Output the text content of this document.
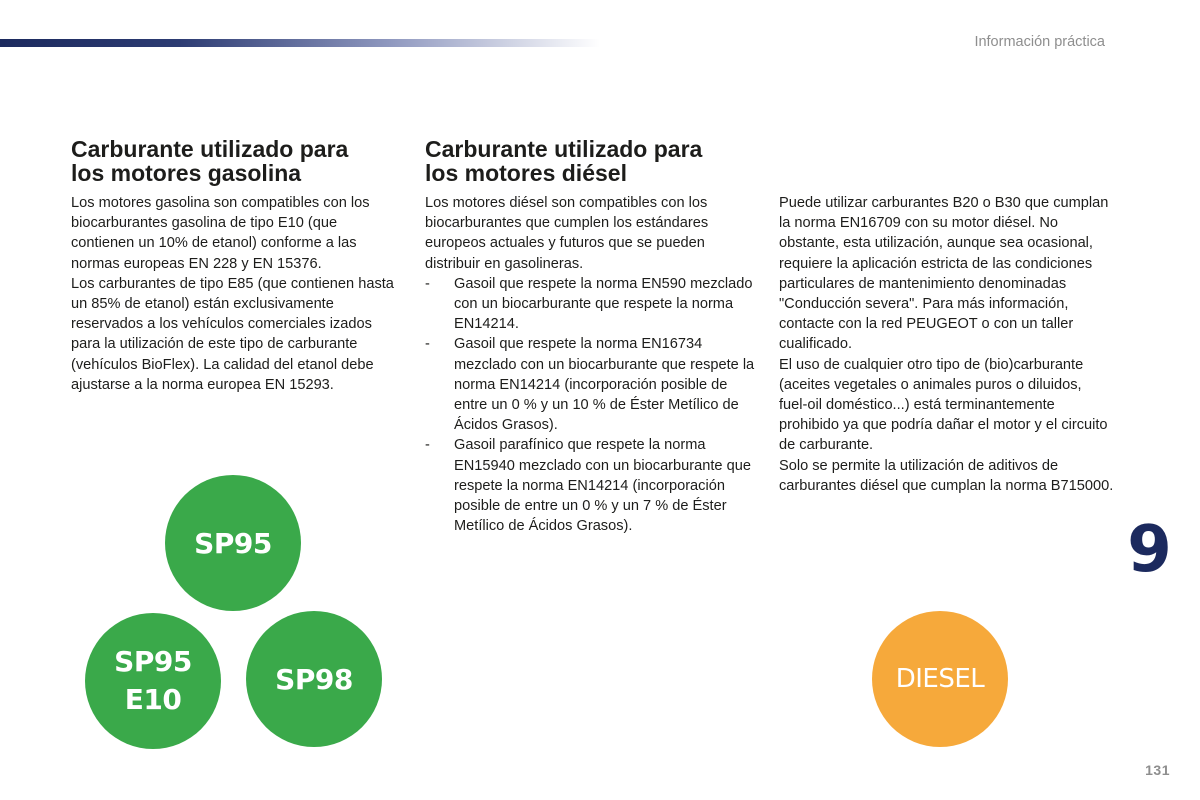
Información práctica
Carburante utilizado para
los motores gasolina

Los motores gasolina son compatibles con los biocarburantes gasolina de tipo E10 (que contienen un 10% de etanol) conforme a las normas europeas EN 228 y EN 15376.

Los carburantes de tipo E85 (que contienen hasta un 85% de etanol) están exclusivamente reservados a los vehículos comerciales izados para la utilización de este tipo de carburante (vehículos BioFlex). La calidad del etanol debe ajustarse a la norma europea EN 15293.

Carburante utilizado para
los motores diésel

Los motores diésel son compatibles con los biocarburantes que cumplen los estándares europeos actuales y futuros que se pueden distribuir en gasolineras.

- Gasoil que respete la norma EN590 mezclado con un biocarburante que respete la norma EN14214.
- Gasoil que respete la norma EN16734 mezclado con un biocarburante que respete la norma EN14214 (incorporación posible de entre un 0 % y un 10 % de Éster Metílico de Ácidos Grasos).
- Gasoil parafínico que respete la norma EN15940 mezclado con un biocarburante que respete la norma EN14214 (incorporación posible de entre un 0 % y un 7 % de Éster Metílico de Ácidos Grasos).

Puede utilizar carburantes B20 o B30 que cumplan la norma EN16709 con su motor diésel. No obstante, esta utilización, aunque sea ocasional, requiere la aplicación estricta de las condiciones particulares de mantenimiento denominadas "Conducción severa". Para más información, contacte con la red PEUGEOT o con un taller cualificado.

El uso de cualquier otro tipo de (bio)carburante (aceites vegetales o animales puros o diluidos, fuel-oil doméstico...) está terminantemente prohibido ya que podría dañar el motor y el circuito de carburante.

Solo se permite la utilización de aditivos de carburantes diésel que cumplan la norma B715000.

SP95
SP95
E10
SP98	DIESEL
9
131
